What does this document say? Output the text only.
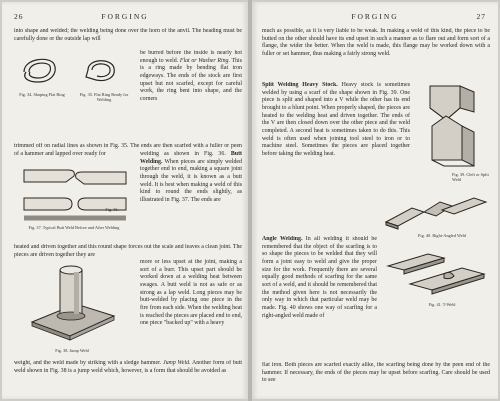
26	FORGING

into shape and welded; the welding being done over the horn of the anvil. The heading must be carefully done or the outside lap will

Fig. 34. Shaping Flat Ring	Fig. 35. Flat Ring Ready for Welding

be burred before the inside is nearly hot enough to weld. Flat or Washer Ring. This is a ring made by bending flat iron edgeways. The ends of the stock are first upset but not scarfed, except for careful work, the ring bent into shape, and the corners

trimmed off on radial lines as shown in Fig. 35. The ends are then scarfed with a fuller or peen of a hammer and lapped over ready for

Fig. 36.
Fig. 37. Typical Butt Weld Before and After Welding

welding as shown in Fig. 36. Butt Welding. When pieces are simply welded together end to end, making a square joint through the weld, it is known as a butt weld. It is best when making a weld of this kind to round the ends slightly, as illustrated in Fig. 37. The ends are

heated and driven together and this round shape forces out the scale and leaves a clean joint. The pieces are driven together they are

Fig. 38. Jump Weld

more or less upset at the joint, making a sort of a burr. This upset part should be worked down at a welding heat between swages. A butt weld is not as safe or as strong as a lap weld. Long pieces may be butt-welded by placing one piece in the fire from each side. When the welding heat is reached the pieces are placed end to end, one piece "backed up" with a heavy

weight, and the weld made by striking with a sledge hammer. Jump Weld. Another form of butt weld shown in Fig. 38 is a jump weld which, however, is a form that should be avoided as

FORGING	27

much as possible, as it is very liable to be weak. In making a weld of this kind, the piece to be butted on the other should have its end upset in such a manner as to flare out and form sort of a flange, the wider the better. When the weld is made, this flange may be worked down with a fuller or set hammer, thus making a fairly strong weld.

Split Welding Heavy Stock. Heavy stock is sometimes welded by using a scarf of the shape shown in Fig. 39. One piece is split and shaped into a V while the other has its end brought to a blunt point. When properly shaped, the pieces are heated to the welding heat and driven together. The ends of the V are then closed down over the other piece and the weld completed. A second heat is sometimes taken to do this. This weld is often used when joining tool steel to iron or to machine steel. Sometimes the pieces are placed together before taking the welding heat.

Fig. 39. Cleft or Split Weld

Angle Welding. In all welding it should be remembered that the object of the scarfing is to so shape the pieces to be welded that they will form a joint easy to weld and give the proper size for the work. Frequently there are several equally good methods of scarfing for the same sort of a weld, and it should be remembered that the method given here is not necessarily the only way in which that particular weld may be made. Fig. 40 shows one way of scarfing for a right-angled weld made of

Fig. 40. Right-Angled Weld
Fig. 41. T-Weld

flat iron. Both pieces are scarfed exactly alike, the scarfing being done by the peen end of the hammer. If necessary, the ends of the pieces may be upset before scarfing. Care should be used to see
